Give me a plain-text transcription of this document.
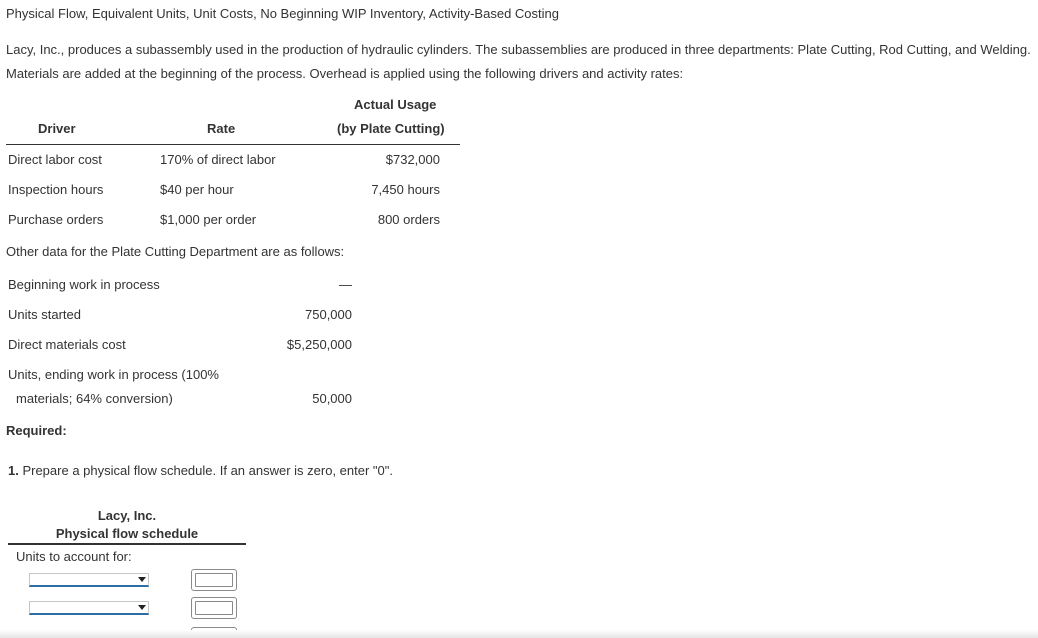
Physical Flow, Equivalent Units, Unit Costs, No Beginning WIP Inventory, Activity-Based Costing
Lacy, Inc., produces a subassembly used in the production of hydraulic cylinders. The subassemblies are produced in three departments: Plate Cutting, Rod Cutting, and Welding. Materials are added at the beginning of the process. Overhead is applied using the following drivers and activity rates:
Actual Usage
Driver	Rate	(by Plate Cutting)
Direct labor cost	170% of direct labor	$732,000
Inspection hours	$40 per hour	7,450 hours
Purchase orders	$1,000 per order	800 orders
Other data for the Plate Cutting Department are as follows:
Beginning work in process	—
Units started	750,000
Direct materials cost	$5,250,000
Units, ending work in process (100%
materials; 64% conversion)	50,000
Required:
1. Prepare a physical flow schedule. If an answer is zero, enter "0".
Lacy, Inc.
Physical flow schedule
Units to account for:
